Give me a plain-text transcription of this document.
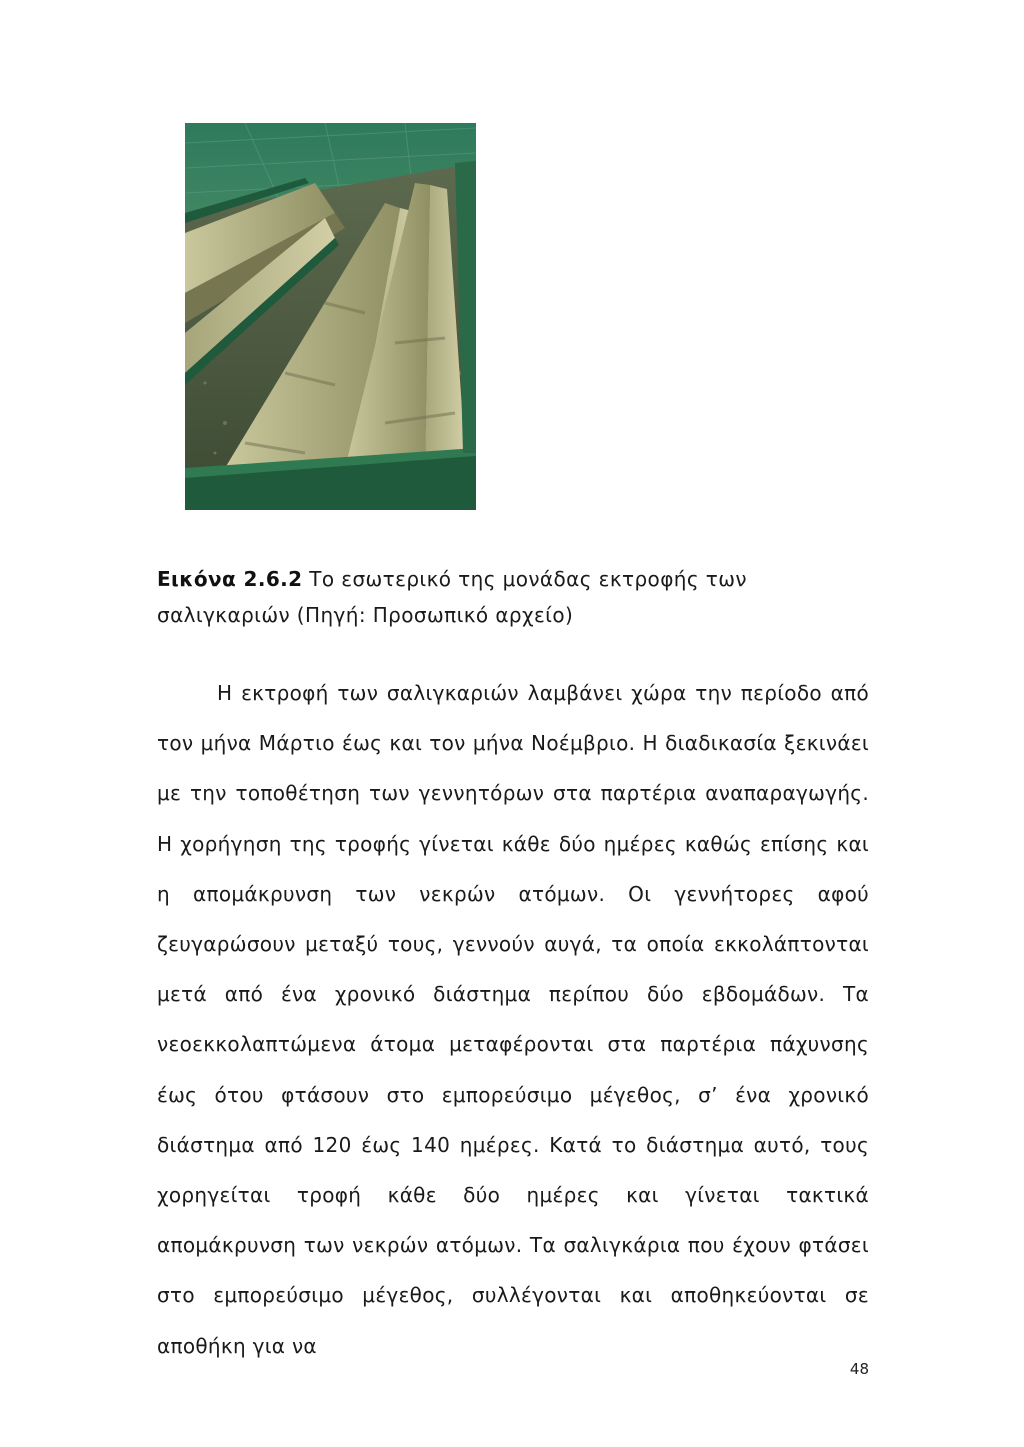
Εικόνα 2.6.2 Το εσωτερικό της μονάδας εκτροφής των σαλιγκαριών (Πηγή: Προσωπικό αρχείο)

Η εκτροφή των σαλιγκαριών λαμβάνει χώρα την περίοδο από τον μήνα Μάρτιο έως και τον μήνα Νοέμβριο. Η διαδικασία ξεκινάει με την τοποθέτηση των γεννητόρων στα παρτέρια αναπαραγωγής. Η χορήγηση της τροφής γίνεται κάθε δύο ημέρες καθώς επίσης και η απομάκρυνση των νεκρών ατόμων. Οι γεννήτορες αφού ζευγαρώσουν μεταξύ τους, γεννούν αυγά, τα οποία εκκολάπτονται μετά από ένα χρονικό διάστημα περίπου δύο εβδομάδων. Τα νεοεκκολαπτώμενα άτομα μεταφέρονται στα παρτέρια πάχυνσης έως ότου φτάσουν στο εμπορεύσιμο μέγεθος, σ’ ένα χρονικό διάστημα από 120 έως 140 ημέρες. Κατά το διάστημα αυτό, τους χορηγείται τροφή κάθε δύο ημέρες και γίνεται τακτικά απομάκρυνση των νεκρών ατόμων. Τα σαλιγκάρια που έχουν φτάσει στο εμπορεύσιμο μέγεθος, συλλέγονται και αποθηκεύονται σε αποθήκη για να

48
